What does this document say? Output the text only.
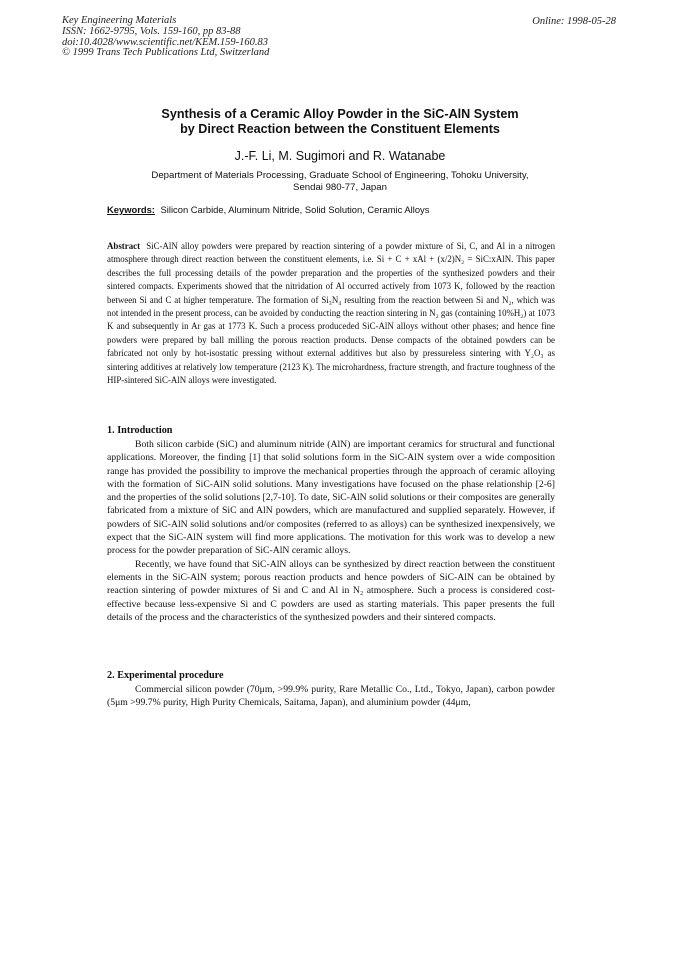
Key Engineering Materials
ISSN: 1662-9795, Vols. 159-160, pp 83-88
doi:10.4028/www.scientific.net/KEM.159-160.83
© 1999 Trans Tech Publications Ltd, Switzerland
Online: 1998-05-28
Synthesis of a Ceramic Alloy Powder in the SiC-AlN System
by Direct Reaction between the Constituent Elements
J.-F. Li, M. Sugimori and R. Watanabe
Department of Materials Processing, Graduate School of Engineering, Tohoku University,
Sendai 980-77, Japan
Keywords: Silicon Carbide, Aluminum Nitride, Solid Solution, Ceramic Alloys
Abstract SiC-AlN alloy powders were prepared by reaction sintering of a powder mixture of Si, C, and Al in a nitrogen atmosphere through direct reaction between the constituent elements, i.e. Si + C + xAl + (x/2)N₂ = SiC:xAlN. This paper describes the full processing details of the powder preparation and the properties of the synthesized powders and their sintered compacts. Experiments showed that the nitridation of Al occurred actively from 1073 K, followed by the reaction between Si and C at higher temperature. The formation of Si₃N₄ resulting from the reaction between Si and N₂, which was not intended in the present process, can be avoided by conducting the reaction sintering in N₂ gas (containing 10%H₂) at 1073 K and subsequently in Ar gas at 1773 K. Such a process produceded SiC-AlN alloys without other phases; and hence fine powders were prepared by ball milling the porous reaction products. Dense compacts of the obtained powders can be fabricated not only by hot-isostatic pressing without external additives but also by pressureless sintering with Y₂O₃ as sintering additives at relatively low temperature (2123 K). The microhardness, fracture strength, and fracture toughness of the HIP-sintered SiC-AlN alloys were investigated.
1. Introduction

Both silicon carbide (SiC) and aluminum nitride (AlN) are important ceramics for structural and functional applications. Moreover, the finding [1] that solid solutions form in the SiC-AlN system over a wide composition range has provided the possibility to improve the mechanical properties through the approach of ceramic alloying with the formation of SiC-AlN solid solutions. Many investigations have focused on the phase relationship [2-6] and the properties of the solid solutions [2,7-10]. To date, SiC-AlN solid solutions or their composites are generally fabricated from a mixture of SiC and AlN powders, which are manufactured and supplied separately. However, if powders of SiC-AlN solid solutions and/or composites (referred to as alloys) can be synthesized inexpensively, we expect that the SiC-AlN system will find more applications. The motivation for this work was to develop a new process for the powder preparation of SiC-AlN ceramic alloys.

Recently, we have found that SiC-AlN alloys can be synthesized by direct reaction between the constituent elements in the SiC-AlN system; porous reaction products and hence powders of SiC-AlN can be obtained by reaction sintering of powder mixtures of Si and C and Al in N₂ atmosphere. Such a process is considered cost-effective because less-expensive Si and C powders are used as starting materials. This paper presents the full details of the process and the characteristics of the synthesized powders and their sintered compacts.

2. Experimental procedure

Commercial silicon powder (70μm, >99.9% purity, Rare Metallic Co., Ltd., Tokyo, Japan), carbon powder (5μm >99.7% purity, High Purity Chemicals, Saitama, Japan), and aluminium powder (44μm,
